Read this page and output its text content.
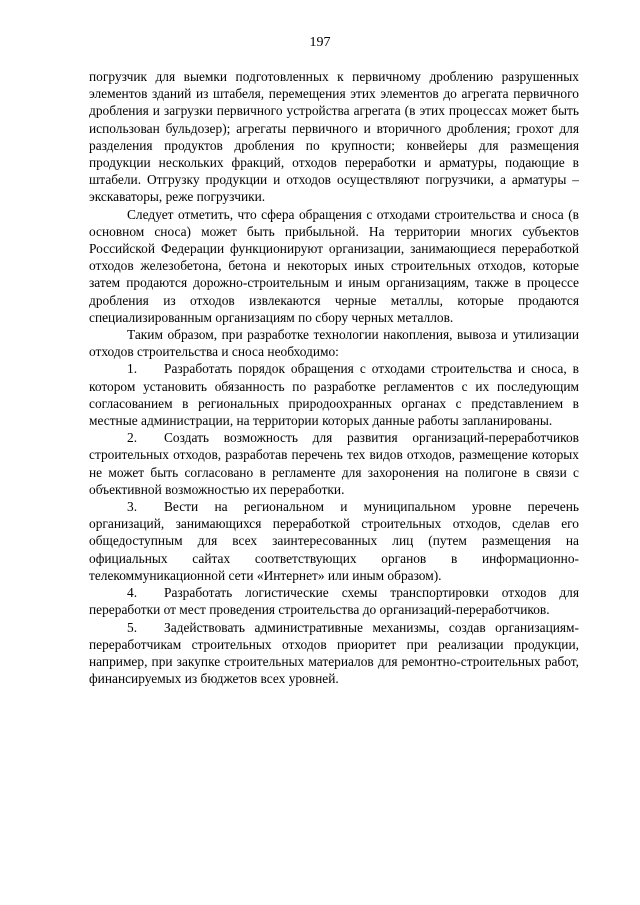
197

погрузчик для выемки подготовленных к первичному дроблению разрушенных элементов зданий из штабеля, перемещения этих элементов до агрегата первичного дробления и загрузки первичного устройства агрегата (в этих процессах может быть использован бульдозер); агрегаты первичного и вторичного дробления; грохот для разделения продуктов дробления по крупности; конвейеры для размещения продукции нескольких фракций, отходов переработки и арматуры, подающие в штабели. Отгрузку продукции и отходов осуществляют погрузчики, а арматуры – экскаваторы, реже погрузчики.

Следует отметить, что сфера обращения с отходами строительства и сноса (в основном сноса) может быть прибыльной. На территории многих субъектов Российской Федерации функционируют организации, занимающиеся переработкой отходов железобетона, бетона и некоторых иных строительных отходов, которые затем продаются дорожно-строительным и иным организациям, также в процессе дробления из отходов извлекаются черные металлы, которые продаются специализированным организациям по сбору черных металлов.

Таким образом, при разработке технологии накопления, вывоза и утилизации отходов строительства и сноса необходимо:

1. Разработать порядок обращения с отходами строительства и сноса, в котором установить обязанность по разработке регламентов с их последующим согласованием в региональных природоохранных органах с представлением в местные администрации, на территории которых данные работы запланированы.

2. Создать возможность для развития организаций-переработчиков строительных отходов, разработав перечень тех видов отходов, размещение которых не может быть согласовано в регламенте для захоронения на полигоне в связи с объективной возможностью их переработки.

3. Вести на региональном и муниципальном уровне перечень организаций, занимающихся переработкой строительных отходов, сделав его общедоступным для всех заинтересованных лиц (путем размещения на официальных сайтах соответствующих органов в информационно-телекоммуникационной сети «Интернет» или иным образом).

4. Разработать логистические схемы транспортировки отходов для переработки от мест проведения строительства до организаций-переработчиков.

5. Задействовать административные механизмы, создав организациям-переработчикам строительных отходов приоритет при реализации продукции, например, при закупке строительных материалов для ремонтно-строительных работ, финансируемых из бюджетов всех уровней.
